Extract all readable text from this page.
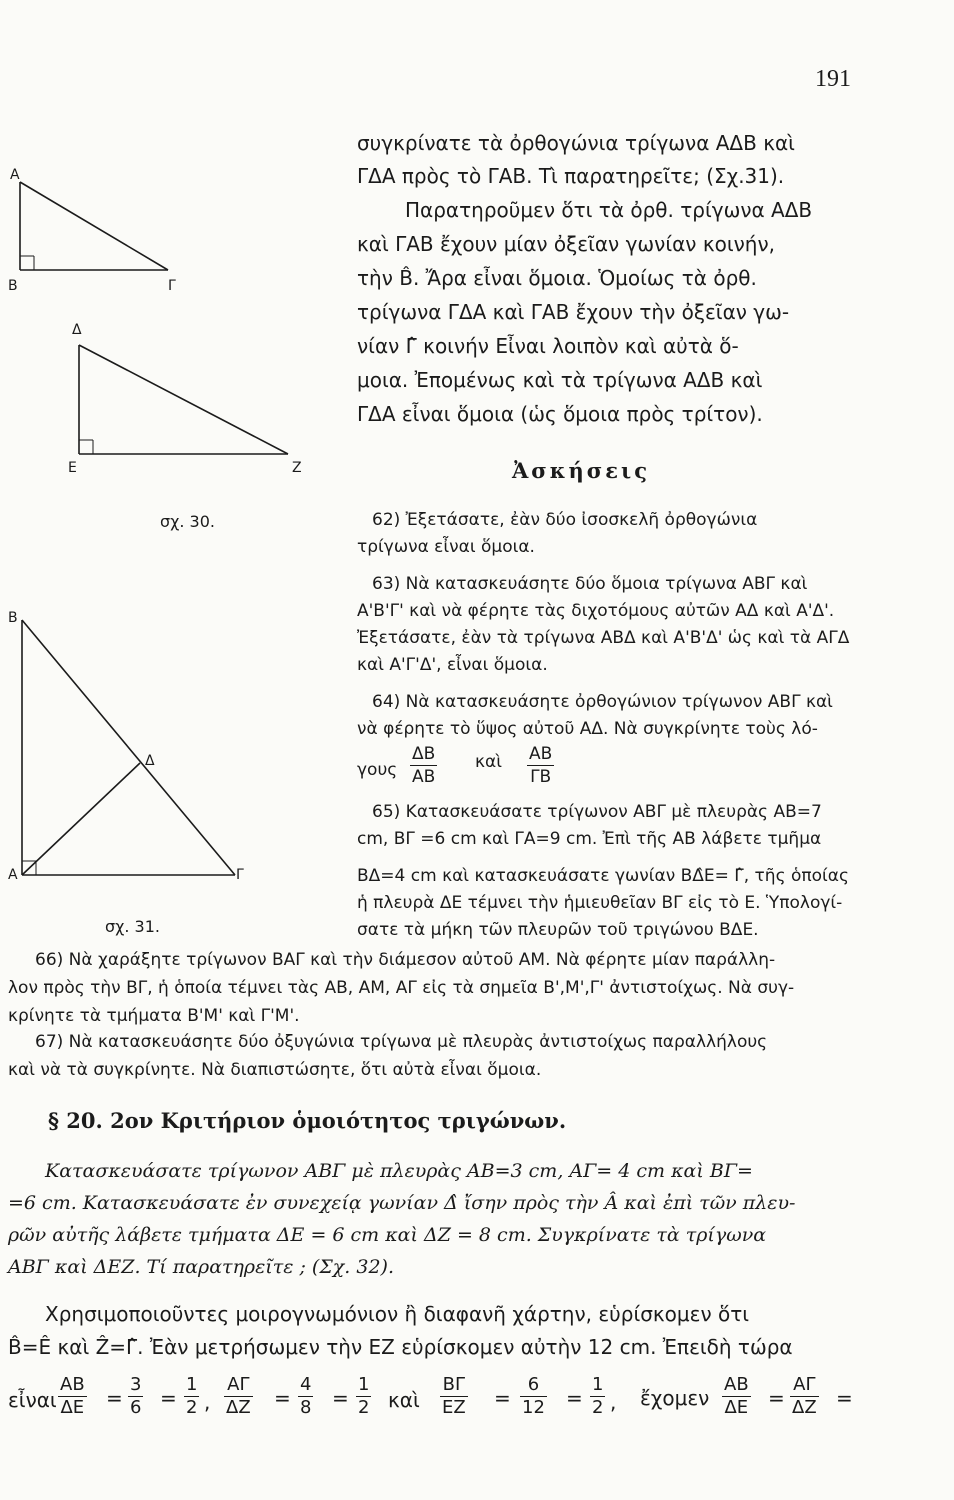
191
A
B	Γ
Δ
E	Z
σχ. 30.
B
Δ
A	Γ
σχ. 31.
συγκρίνατε τὰ ὀρθογώνια τρίγωνα ΑΔΒ καὶ
ΓΔΑ πρὸς τὸ ΓΑΒ. Τὶ παρατηρεῖτε; (Σχ.31).
Παρατηροῦμεν ὅτι τὰ ὀρθ. τρίγωνα ΑΔΒ
καὶ ΓΑΒ ἔχουν μίαν ὀξεῖαν γωνίαν κοινήν,
τὴν B̂. Ἄρα εἶναι ὅμοια. Ὁμοίως τὰ ὀρθ.
τρίγωνα ΓΔΑ καὶ ΓΑΒ ἔχουν τὴν ὀξεῖαν γω-
νίαν Γ̂ κοινήν Εἶναι λοιπὸν καὶ αὐτὰ ὅ-
μοια. Ἐπομένως καὶ τὰ τρίγωνα ΑΔΒ καὶ
ΓΔΑ εἶναι ὅμοια (ὡς ὅμοια πρὸς τρίτον).
Ἀσκήσεις
62) Ἐξετάσατε, ἐὰν δύο ἰσοσκελῆ ὀρθογώνια
τρίγωνα εἶναι ὅμοια.
63) Νὰ κατασκευάσητε δύο ὅμοια τρίγωνα ΑΒΓ καὶ
Α'Β'Γ' καὶ νὰ φέρητε τὰς διχοτόμους αὐτῶν ΑΔ καὶ Α'Δ'.
Ἐξετάσατε, ἐὰν τὰ τρίγωνα ΑΒΔ καὶ Α'Β'Δ' ὡς καὶ τὰ ΑΓΔ
καὶ Α'Γ'Δ', εἶναι ὅμοια.
64) Νὰ κατασκευάσητε ὀρθογώνιον τρίγωνον ΑΒΓ καὶ
νὰ φέρητε τὸ ὕψος αὐτοῦ ΑΔ. Νὰ συγκρίνητε τοὺς λό-
γους $\frac{\Delta B}{AB}$ καὶ $\frac{AB}{\Gamma B}$
65) Κατασκευάσατε τρίγωνον ΑΒΓ μὲ πλευρὰς ΑΒ=7
cm, ΒΓ =6 cm καὶ ΓΑ=9 cm. Ἐπὶ τῆς ΑΒ λάβετε τμῆμα
ΒΔ=4 cm καὶ κατασκευάσατε γωνίαν ΒΔ̂Ε= Γ̂, τῆς ὁποίας
ἡ πλευρὰ ΔΕ τέμνει τὴν ἡμιευθεῖαν ΒΓ εἰς τὸ Ε. Ὑπολογί-
σατε τὰ μήκη τῶν πλευρῶν τοῦ τριγώνου ΒΔΕ.
66) Νὰ χαράξητε τρίγωνον ΒΑΓ καὶ τὴν διάμεσον αὐτοῦ ΑΜ. Νὰ φέρητε μίαν παράλλη-
λον πρὸς τὴν ΒΓ, ἡ ὁποία τέμνει τὰς ΑΒ, ΑΜ, ΑΓ εἰς τὰ σημεῖα Β',Μ',Γ' ἀντιστοίχως. Νὰ συγ-
κρίνητε τὰ τμήματα Β'Μ' καὶ Γ'Μ'.
67) Νὰ κατασκευάσητε δύο ὀξυγώνια τρίγωνα μὲ πλευρὰς ἀντιστοίχως παραλλήλους
καὶ νὰ τὰ συγκρίνητε. Νὰ διαπιστώσητε, ὅτι αὐτὰ εἶναι ὅμοια.
§ 20. 2ον Κριτήριον ὁμοιότητος τριγώνων.
Κατασκευάσατε τρίγωνον ΑΒΓ μὲ πλευρὰς ΑΒ=3 cm, ΑΓ= 4 cm καὶ ΒΓ=
=6 cm. Κατασκευάσατε ἐν συνεχείᾳ γωνίαν Δ̂ ἴσην πρὸς τὴν Â καὶ ἐπὶ τῶν πλευ-
ρῶν αὐτῆς λάβετε τμήματα ΔΕ = 6 cm καὶ ΔΖ = 8 cm. Συγκρίνατε τὰ τρίγωνα
ΑΒΓ καὶ ΔΕΖ. Τί παρατηρεῖτε ; (Σχ. 32).
Χρησιμοποιοῦντες μοιρογνωμόνιον ἢ διαφανῆ χάρτην, εὑρίσκομεν ὅτι
B̂=Ê καὶ Ẑ=Γ̂. Ἐὰν μετρήσωμεν τὴν ΕΖ εὑρίσκομεν αὐτὴν 12 cm. Ἐπειδὴ τώρα
εἶναι $\frac{AB}{\Delta E} = \frac{3}{6} = \frac{1}{2}$ , $\frac{A\Gamma}{\Delta Z} = \frac{4}{8} = \frac{1}{2}$ καὶ $\frac{B\Gamma}{EZ} = \frac{6}{12} = \frac{1}{2}$ , ἔχομεν $\frac{AB}{\Delta E} = \frac{A\Gamma}{\Delta Z}$ =
